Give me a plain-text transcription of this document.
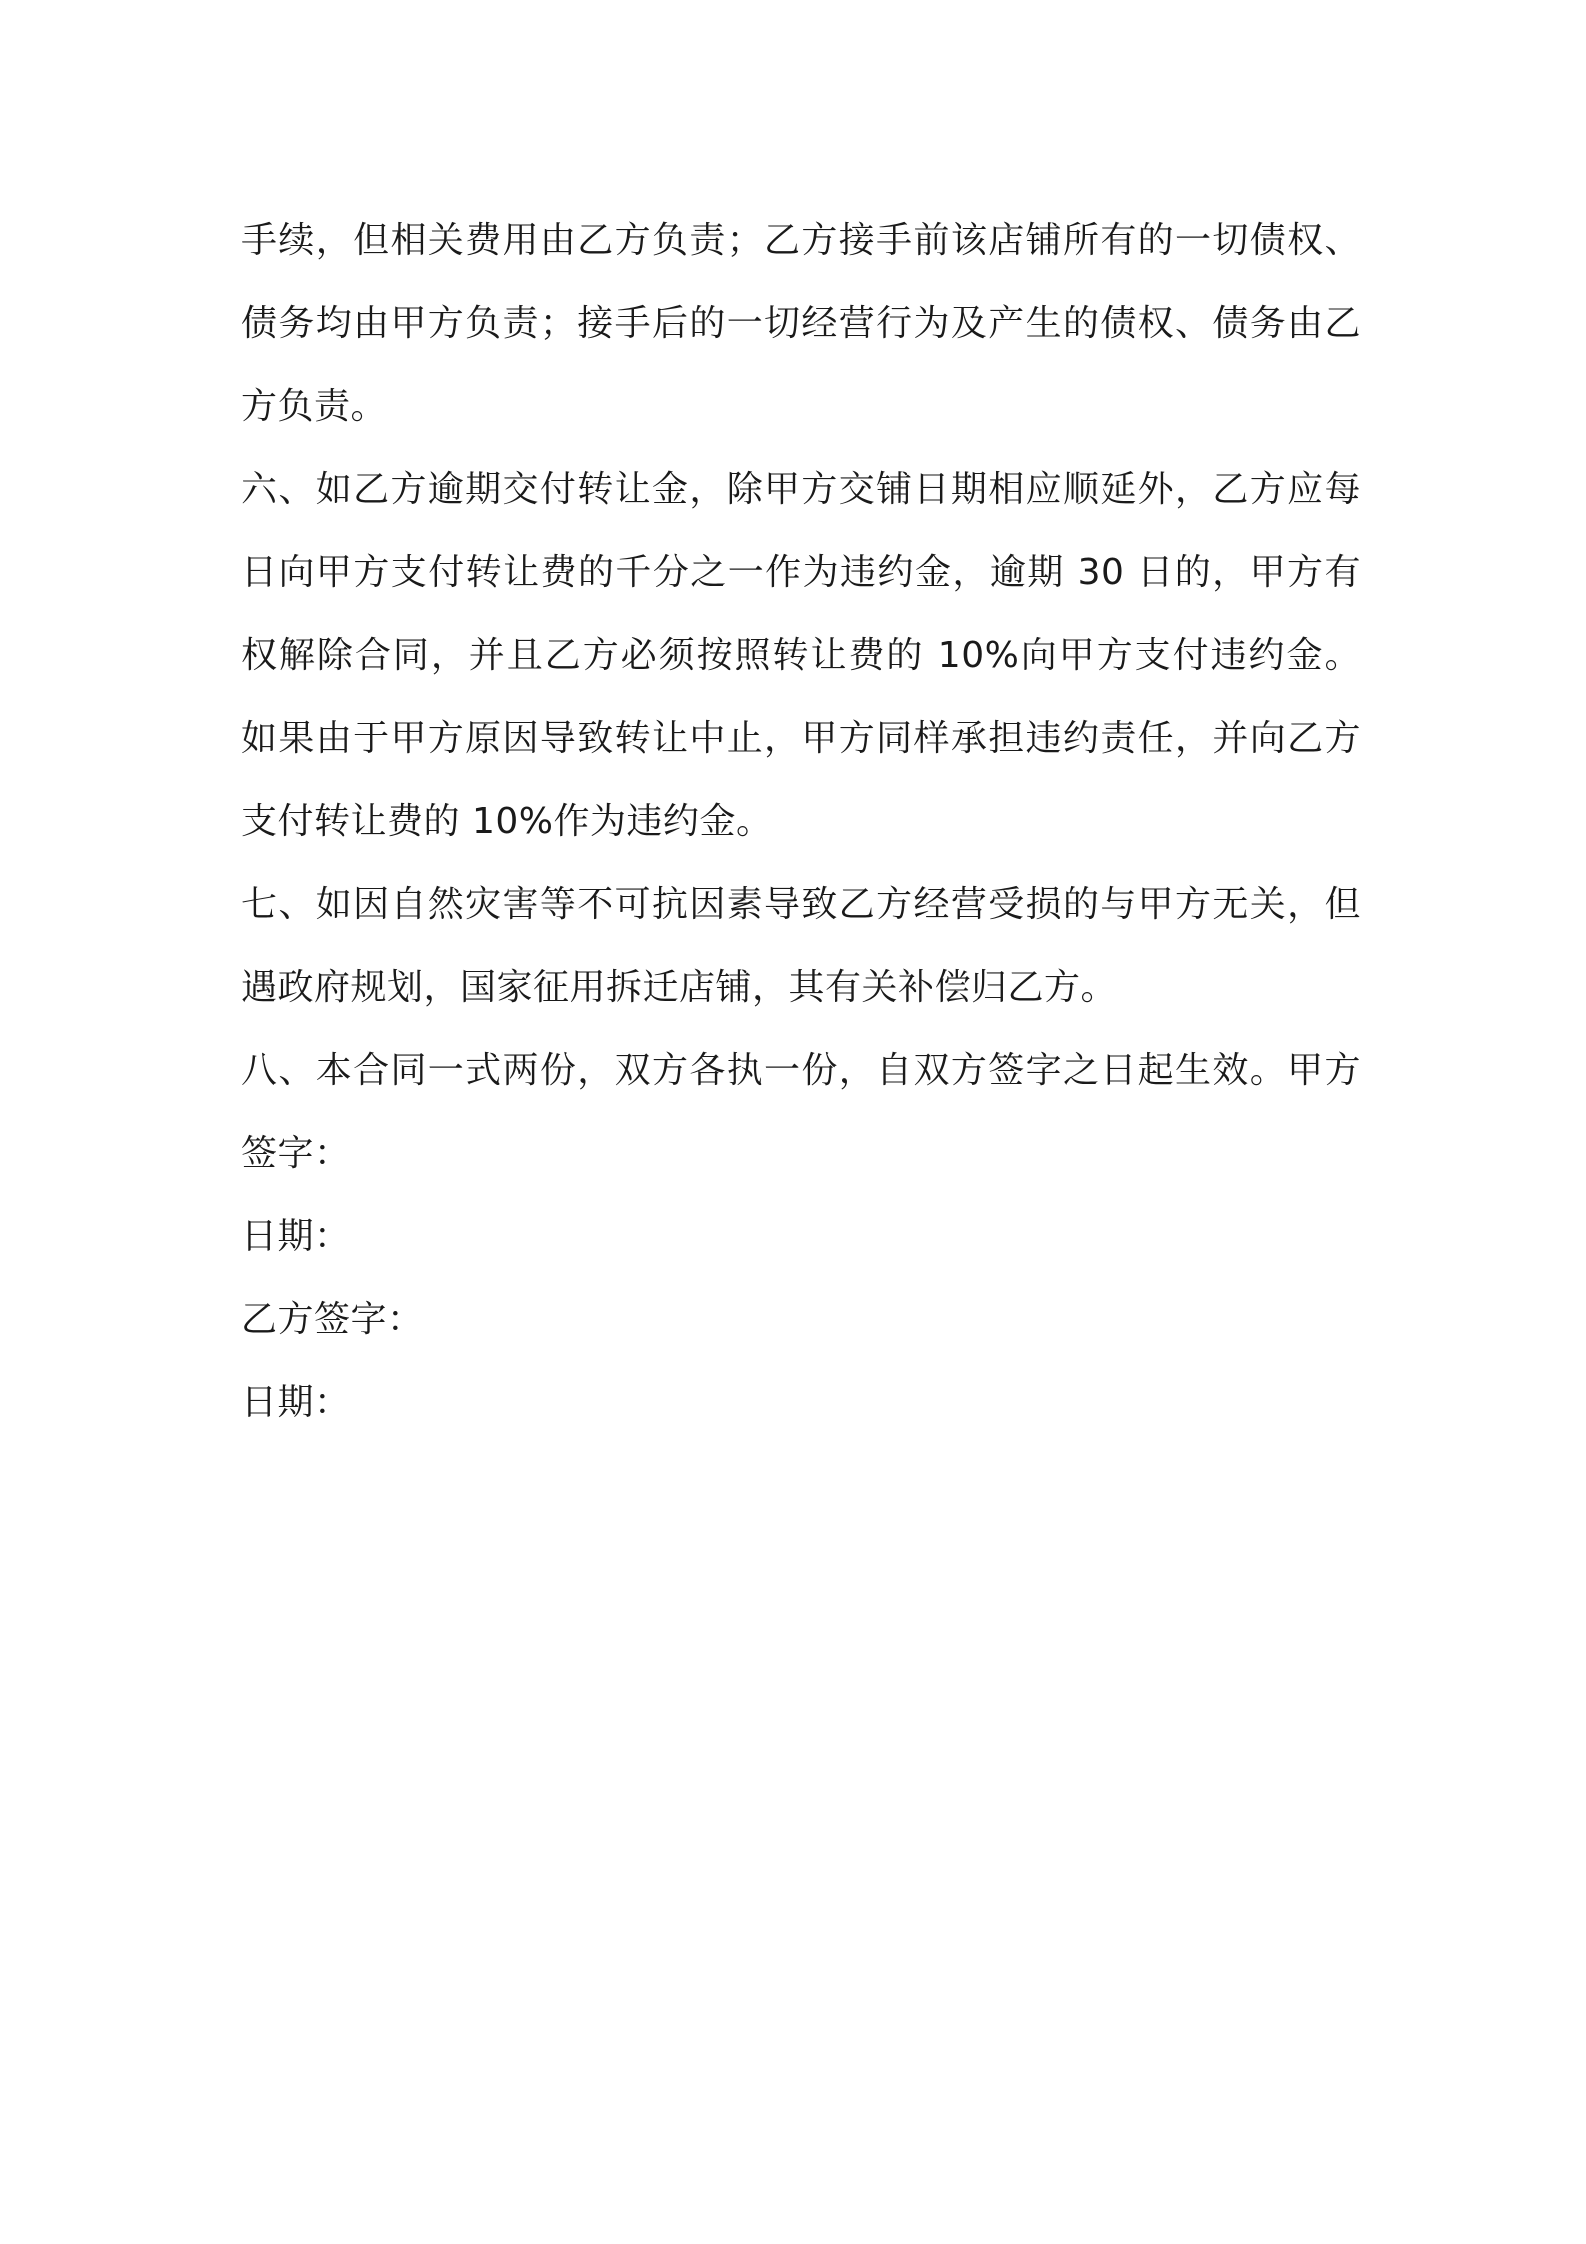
手续，但相关费用由乙方负责；乙方接手前该店铺所有的一切债权、
债务均由甲方负责；接手后的一切经营行为及产生的债权、债务由乙
方负责。
六、如乙方逾期交付转让金，除甲方交铺日期相应顺延外，乙方应每
日向甲方支付转让费的千分之一作为违约金，逾期 30 日的，甲方有
权解除合同，并且乙方必须按照转让费的 10%向甲方支付违约金。
如果由于甲方原因导致转让中止，甲方同样承担违约责任，并向乙方
支付转让费的 10%作为违约金。
七、如因自然灾害等不可抗因素导致乙方经营受损的与甲方无关，但
遇政府规划，国家征用拆迁店铺，其有关补偿归乙方。
八、本合同一式两份，双方各执一份，自双方签字之日起生效。甲方
签字：
日期：
乙方签字：
日期：
